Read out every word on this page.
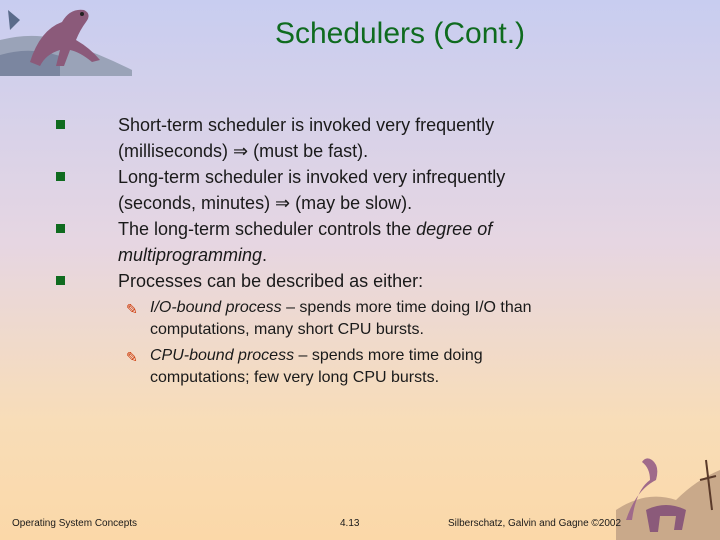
Schedulers (Cont.)
Short-term scheduler is invoked very frequently
(milliseconds) ⇒ (must be fast).
Long-term scheduler is invoked very infrequently
(seconds, minutes) ⇒ (may be slow).
The long-term scheduler controls the degree of
multiprogramming.
Processes can be described as either:
✎ I/O-bound process – spends more time doing I/O than
computations, many short CPU bursts.
✎ CPU-bound process – spends more time doing
computations; few very long CPU bursts.
Operating System Concepts	4.13	Silberschatz, Galvin and Gagne ©2002
